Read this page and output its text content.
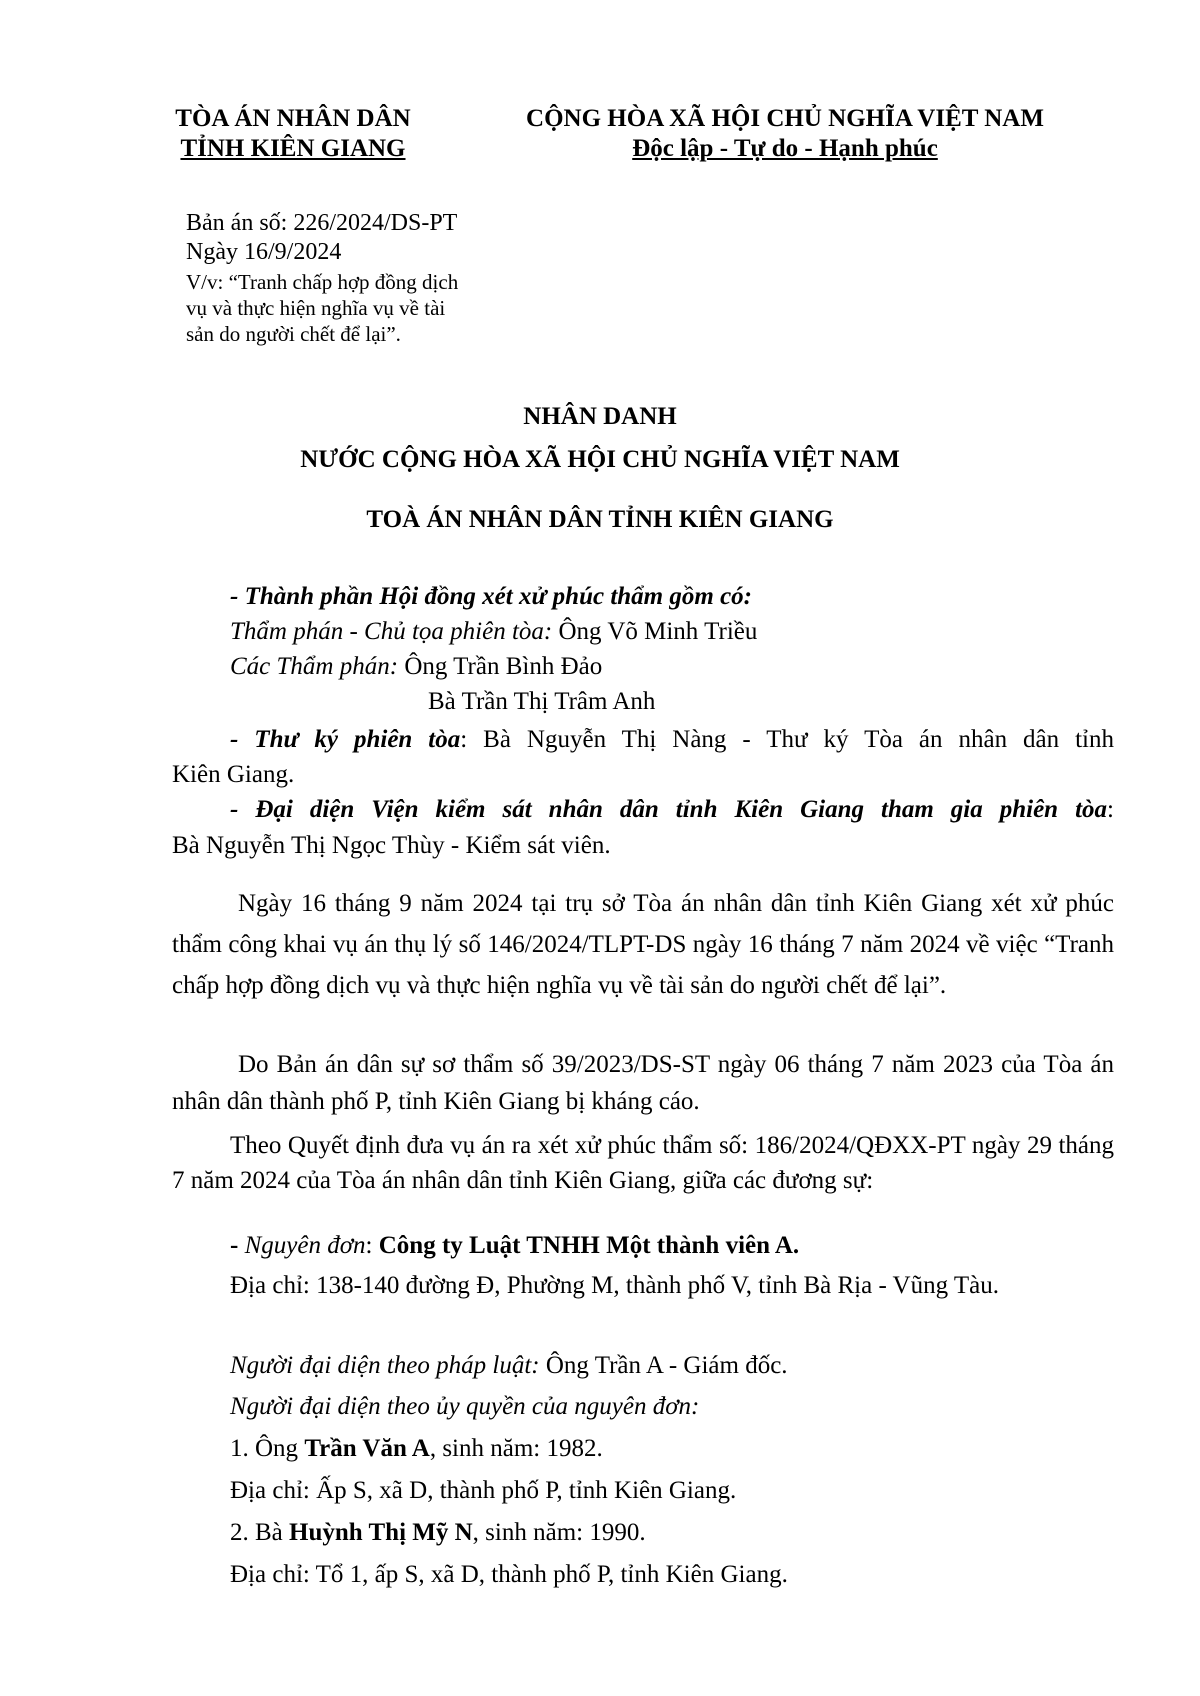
TÒA ÁN NHÂN DÂN
TỈNH KIÊN GIANG
CỘNG HÒA XÃ HỘI CHỦ NGHĨA VIỆT NAM
Độc lập - Tự do - Hạnh phúc
Bản án số: 226/2024/DS-PT
Ngày 16/9/2024
V/v: “Tranh chấp hợp đồng dịch
vụ và thực hiện nghĩa vụ về tài
sản do người chết để lại”.
NHÂN DANH
NƯỚC CỘNG HÒA XÃ HỘI CHỦ NGHĨA VIỆT NAM
TOÀ ÁN NHÂN DÂN TỈNH KIÊN GIANG
- Thành phần Hội đồng xét xử phúc thẩm gồm có:
Thẩm phán - Chủ tọa phiên tòa: Ông Võ Minh Triều
Các Thẩm phán: Ông Trần Bình Đảo
Bà Trần Thị Trâm Anh
- Thư ký phiên tòa: Bà Nguyễn Thị Nàng - Thư ký Tòa án nhân dân tỉnh
Kiên Giang.
- Đại diện Viện kiểm sát nhân dân tỉnh Kiên Giang tham gia phiên tòa:
Bà Nguyễn Thị Ngọc Thùy - Kiểm sát viên.
Ngày 16 tháng 9 năm 2024 tại trụ sở Tòa án nhân dân tỉnh Kiên Giang xét xử phúc thẩm công khai vụ án thụ lý số 146/2024/TLPT-DS ngày 16 tháng 7 năm 2024 về việc “Tranh chấp hợp đồng dịch vụ và thực hiện nghĩa vụ về tài sản do người chết để lại”.
Do Bản án dân sự sơ thẩm số 39/2023/DS-ST ngày 06 tháng 7 năm 2023 của Tòa án nhân dân thành phố P, tỉnh Kiên Giang bị kháng cáo.
Theo Quyết định đưa vụ án ra xét xử phúc thẩm số: 186/2024/QĐXX-PT ngày 29 tháng 7 năm 2024 của Tòa án nhân dân tỉnh Kiên Giang, giữa các đương sự:
- Nguyên đơn: Công ty Luật TNHH Một thành viên A.
Địa chỉ: 138-140 đường Đ, Phường M, thành phố V, tỉnh Bà Rịa - Vũng Tàu.
Người đại diện theo pháp luật: Ông Trần A - Giám đốc.
Người đại diện theo ủy quyền của nguyên đơn:
1. Ông Trần Văn A, sinh năm: 1982.
Địa chỉ: Ấp S, xã D, thành phố P, tỉnh Kiên Giang.
2. Bà Huỳnh Thị Mỹ N, sinh năm: 1990.
Địa chỉ: Tổ 1, ấp S, xã D, thành phố P, tỉnh Kiên Giang.
